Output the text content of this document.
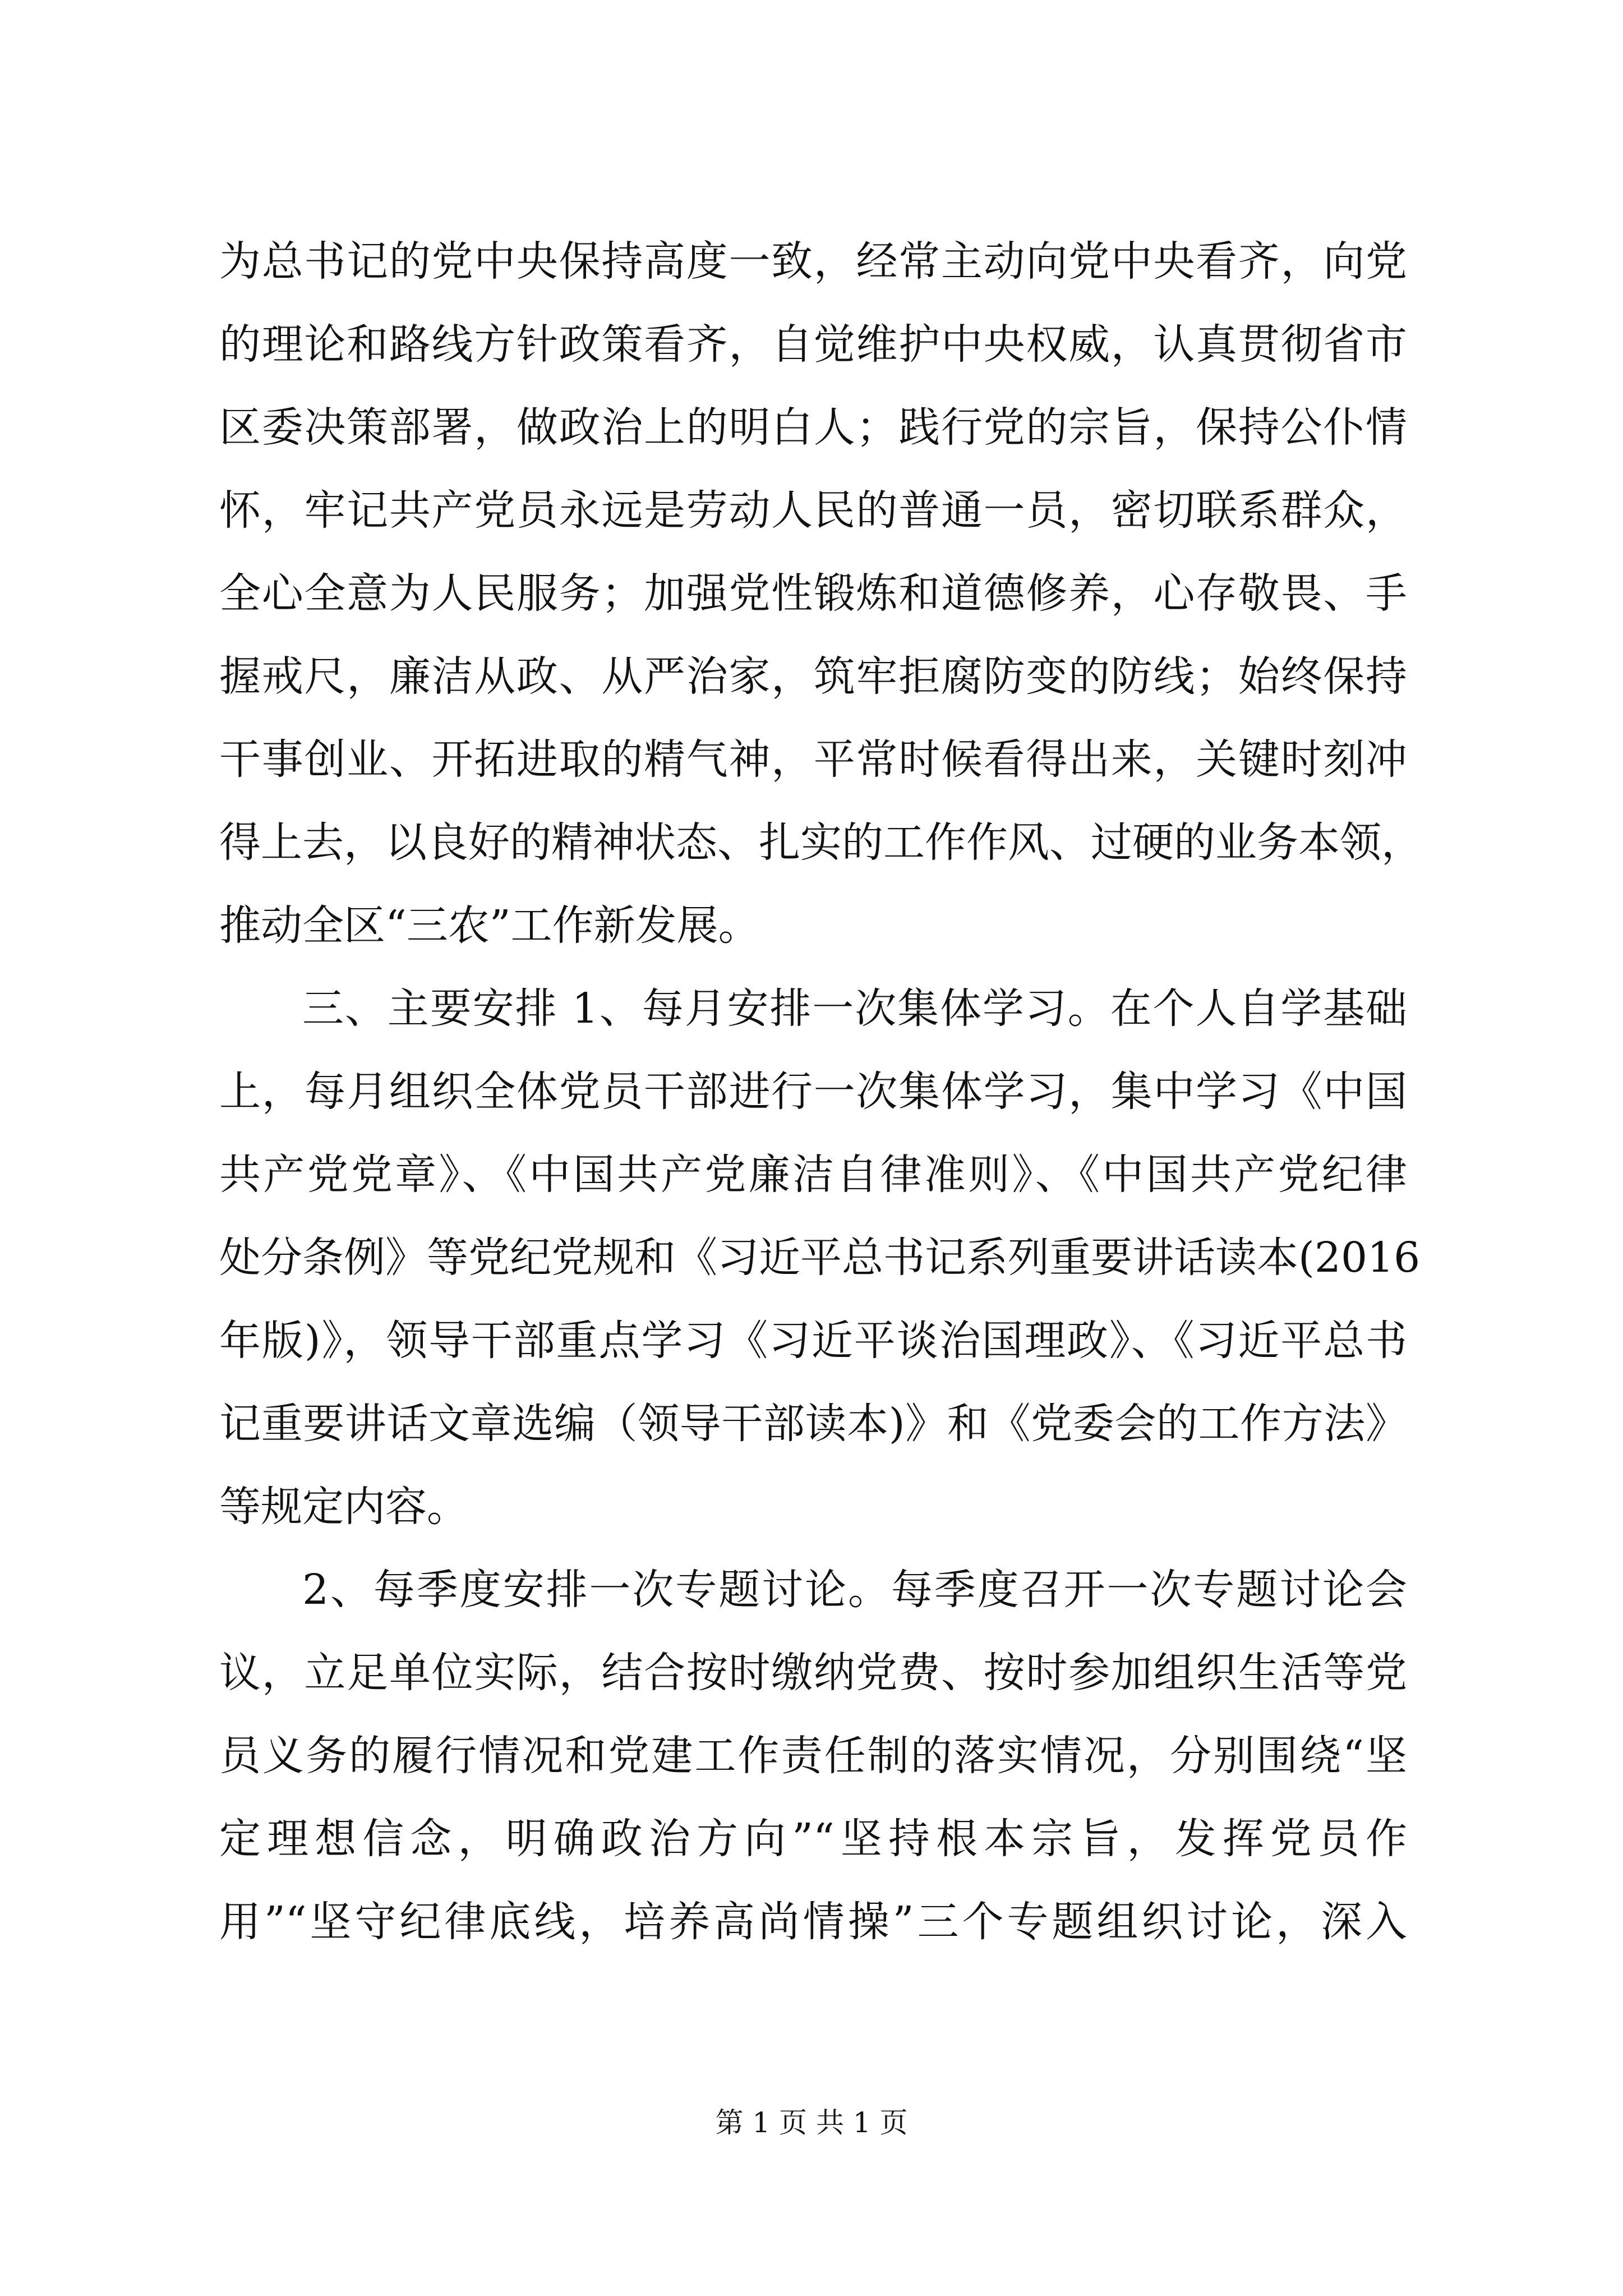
为总书记的党中央保持高度一致，经常主动向党中央看齐，向党
的理论和路线方针政策看齐，自觉维护中央权威，认真贯彻省市
区委决策部署，做政治上的明白人；践行党的宗旨，保持公仆情
怀，牢记共产党员永远是劳动人民的普通一员，密切联系群众，
全心全意为人民服务；加强党性锻炼和道德修养，心存敬畏、手
握戒尺，廉洁从政、从严治家，筑牢拒腐防变的防线；始终保持
干事创业、开拓进取的精气神，平常时候看得出来，关键时刻冲
得上去，以良好的精神状态、扎实的工作作风、过硬的业务本领，
推动全区“三农”工作新发展。
三、主要安排 1、每月安排一次集体学习。在个人自学基础
上，每月组织全体党员干部进行一次集体学习，集中学习《中国
共产党党章》、《中国共产党廉洁自律准则》、《中国共产党纪律
处分条例》等党纪党规和《习近平总书记系列重要讲话读本(2016
年版)》，领导干部重点学习《习近平谈治国理政》、《习近平总书
记重要讲话文章选编（领导干部读本)》和《党委会的工作方法》
等规定内容。
2、每季度安排一次专题讨论。每季度召开一次专题讨论会
议，立足单位实际，结合按时缴纳党费、按时参加组织生活等党
员义务的履行情况和党建工作责任制的落实情况，分别围绕“坚
定理想信念，明确政治方向”“坚持根本宗旨，发挥党员作
用”“坚守纪律底线，培养高尚情操”三个专题组织讨论，深入
第 1 页 共 1 页
